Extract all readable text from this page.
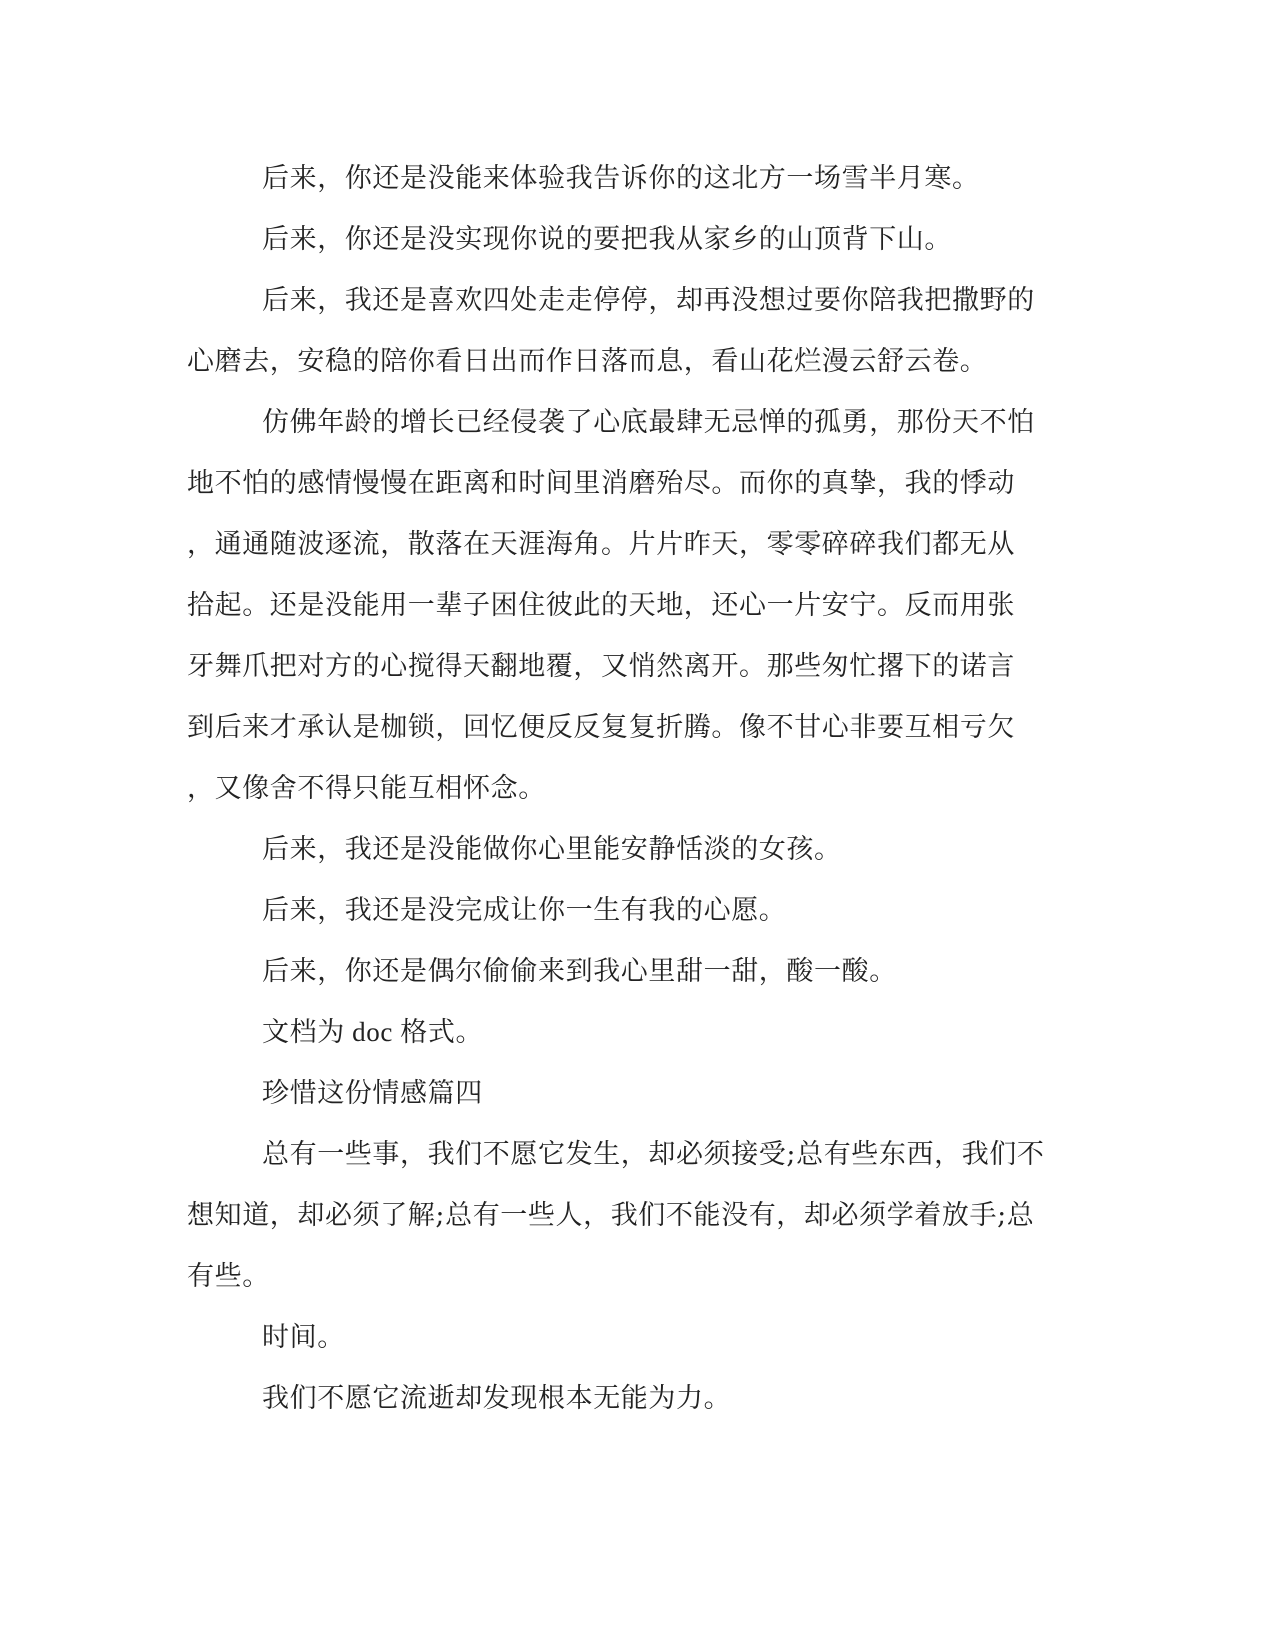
后来，你还是没能来体验我告诉你的这北方一场雪半月寒。

后来，你还是没实现你说的要把我从家乡的山顶背下山。

后来，我还是喜欢四处走走停停，却再没想过要你陪我把撒野的
心磨去，安稳的陪你看日出而作日落而息，看山花烂漫云舒云卷。

仿佛年龄的增长已经侵袭了心底最肆无忌惮的孤勇，那份天不怕
地不怕的感情慢慢在距离和时间里消磨殆尽。而你的真挚，我的悸动
，通通随波逐流，散落在天涯海角。片片昨天，零零碎碎我们都无从
拾起。还是没能用一辈子困住彼此的天地，还心一片安宁。反而用张
牙舞爪把对方的心搅得天翻地覆，又悄然离开。那些匆忙撂下的诺言
到后来才承认是枷锁，回忆便反反复复折腾。像不甘心非要互相亏欠
，又像舍不得只能互相怀念。

后来，我还是没能做你心里能安静恬淡的女孩。

后来，我还是没完成让你一生有我的心愿。

后来，你还是偶尔偷偷来到我心里甜一甜，酸一酸。

文档为 doc 格式。

珍惜这份情感篇四

总有一些事，我们不愿它发生，却必须接受;总有些东西，我们不
想知道，却必须了解;总有一些人，我们不能没有，却必须学着放手;总
有些。

时间。

我们不愿它流逝却发现根本无能为力。
